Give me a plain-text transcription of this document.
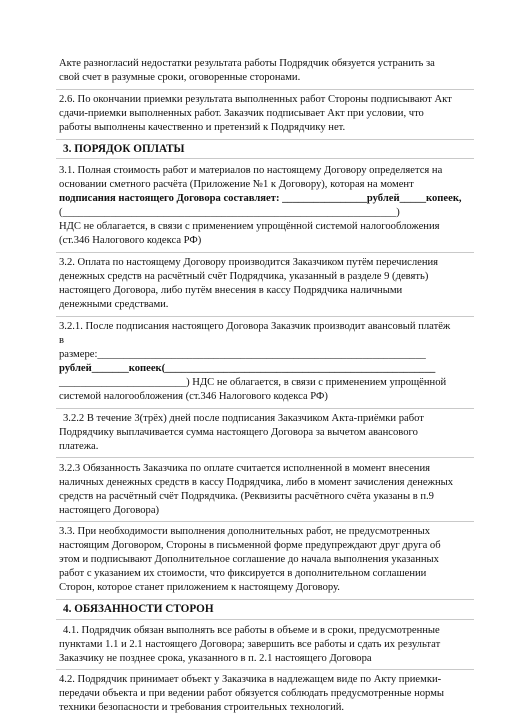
Акте разногласий недостатки результата работы Подрядчик обязуется устранить за
свой счет в разумные сроки, оговоренные сторонами.
2.6. По окончании приемки результата выполненных работ Стороны подписывают Акт
сдачи-приемки выполненных работ. Заказчик подписывает Акт при условии, что
работы выполнены качественно и претензий к Подрядчику нет.
3. ПОРЯДОК ОПЛАТЫ
3.1. Полная стоимость работ и материалов по настоящему Договору определяется на
основании сметного расчёта (Приложение №1 к Договору), которая на момент
подписания настоящего Договора составляет: ________________рублей_____копеек,
(_______________________________________________________________)
НДС не облагается, в связи с применением упрощённой системой налогообложения
(ст.346 Налогового кодекса РФ)
3.2. Оплата по настоящему Договору производится Заказчиком путём перечисления
денежных средств на расчётный счёт Подрядчика, указанный в разделе 9 (девять)
настоящего Договора, либо путём внесения в кассу Подрядчика наличными
денежными средствами.
3.2.1. После подписания настоящего Договора Заказчик производит авансовый платёж
в
размере:______________________________________________________________
рублей_______копеек(___________________________________________________
________________________) НДС не облагается, в связи с применением упрощённой
системой налогообложения (ст.346 Налогового кодекса РФ)
3.2.2 В течение 3(трёх) дней после подписания Заказчиком Акта-приёмки работ
Подрядчику выплачивается сумма настоящего Договора за вычетом авансового
платежа.
3.2.3 Обязанность Заказчика по оплате считается исполненной в момент внесения
наличных денежных средств в кассу Подрядчика, либо в момент зачисления денежных
средств на расчётный счёт Подрядчика. (Реквизиты расчётного счёта указаны в п.9
настоящего Договора)
3.3. При необходимости выполнения дополнительных работ, не предусмотренных
настоящим Договором, Стороны в письменной форме предупреждают друг друга об
этом и подписывают Дополнительное соглашение до начала выполнения указанных
работ с указанием их стоимости, что фиксируется в дополнительном соглашении
Сторон, которое станет приложением к настоящему Договору.
4. ОБЯЗАННОСТИ СТОРОН
4.1. Подрядчик обязан выполнять все работы в объеме и в сроки, предусмотренные
пунктами 1.1 и 2.1 настоящего Договора; завершить все работы и сдать их результат
Заказчику не позднее срока, указанного в п. 2.1 настоящего Договора
4.2. Подрядчик принимает объект у Заказчика в надлежащем виде по Акту приемки-
передачи объекта и при ведении работ обязуется соблюдать предусмотренные нормы
техники безопасности и требования строительных технологий.
